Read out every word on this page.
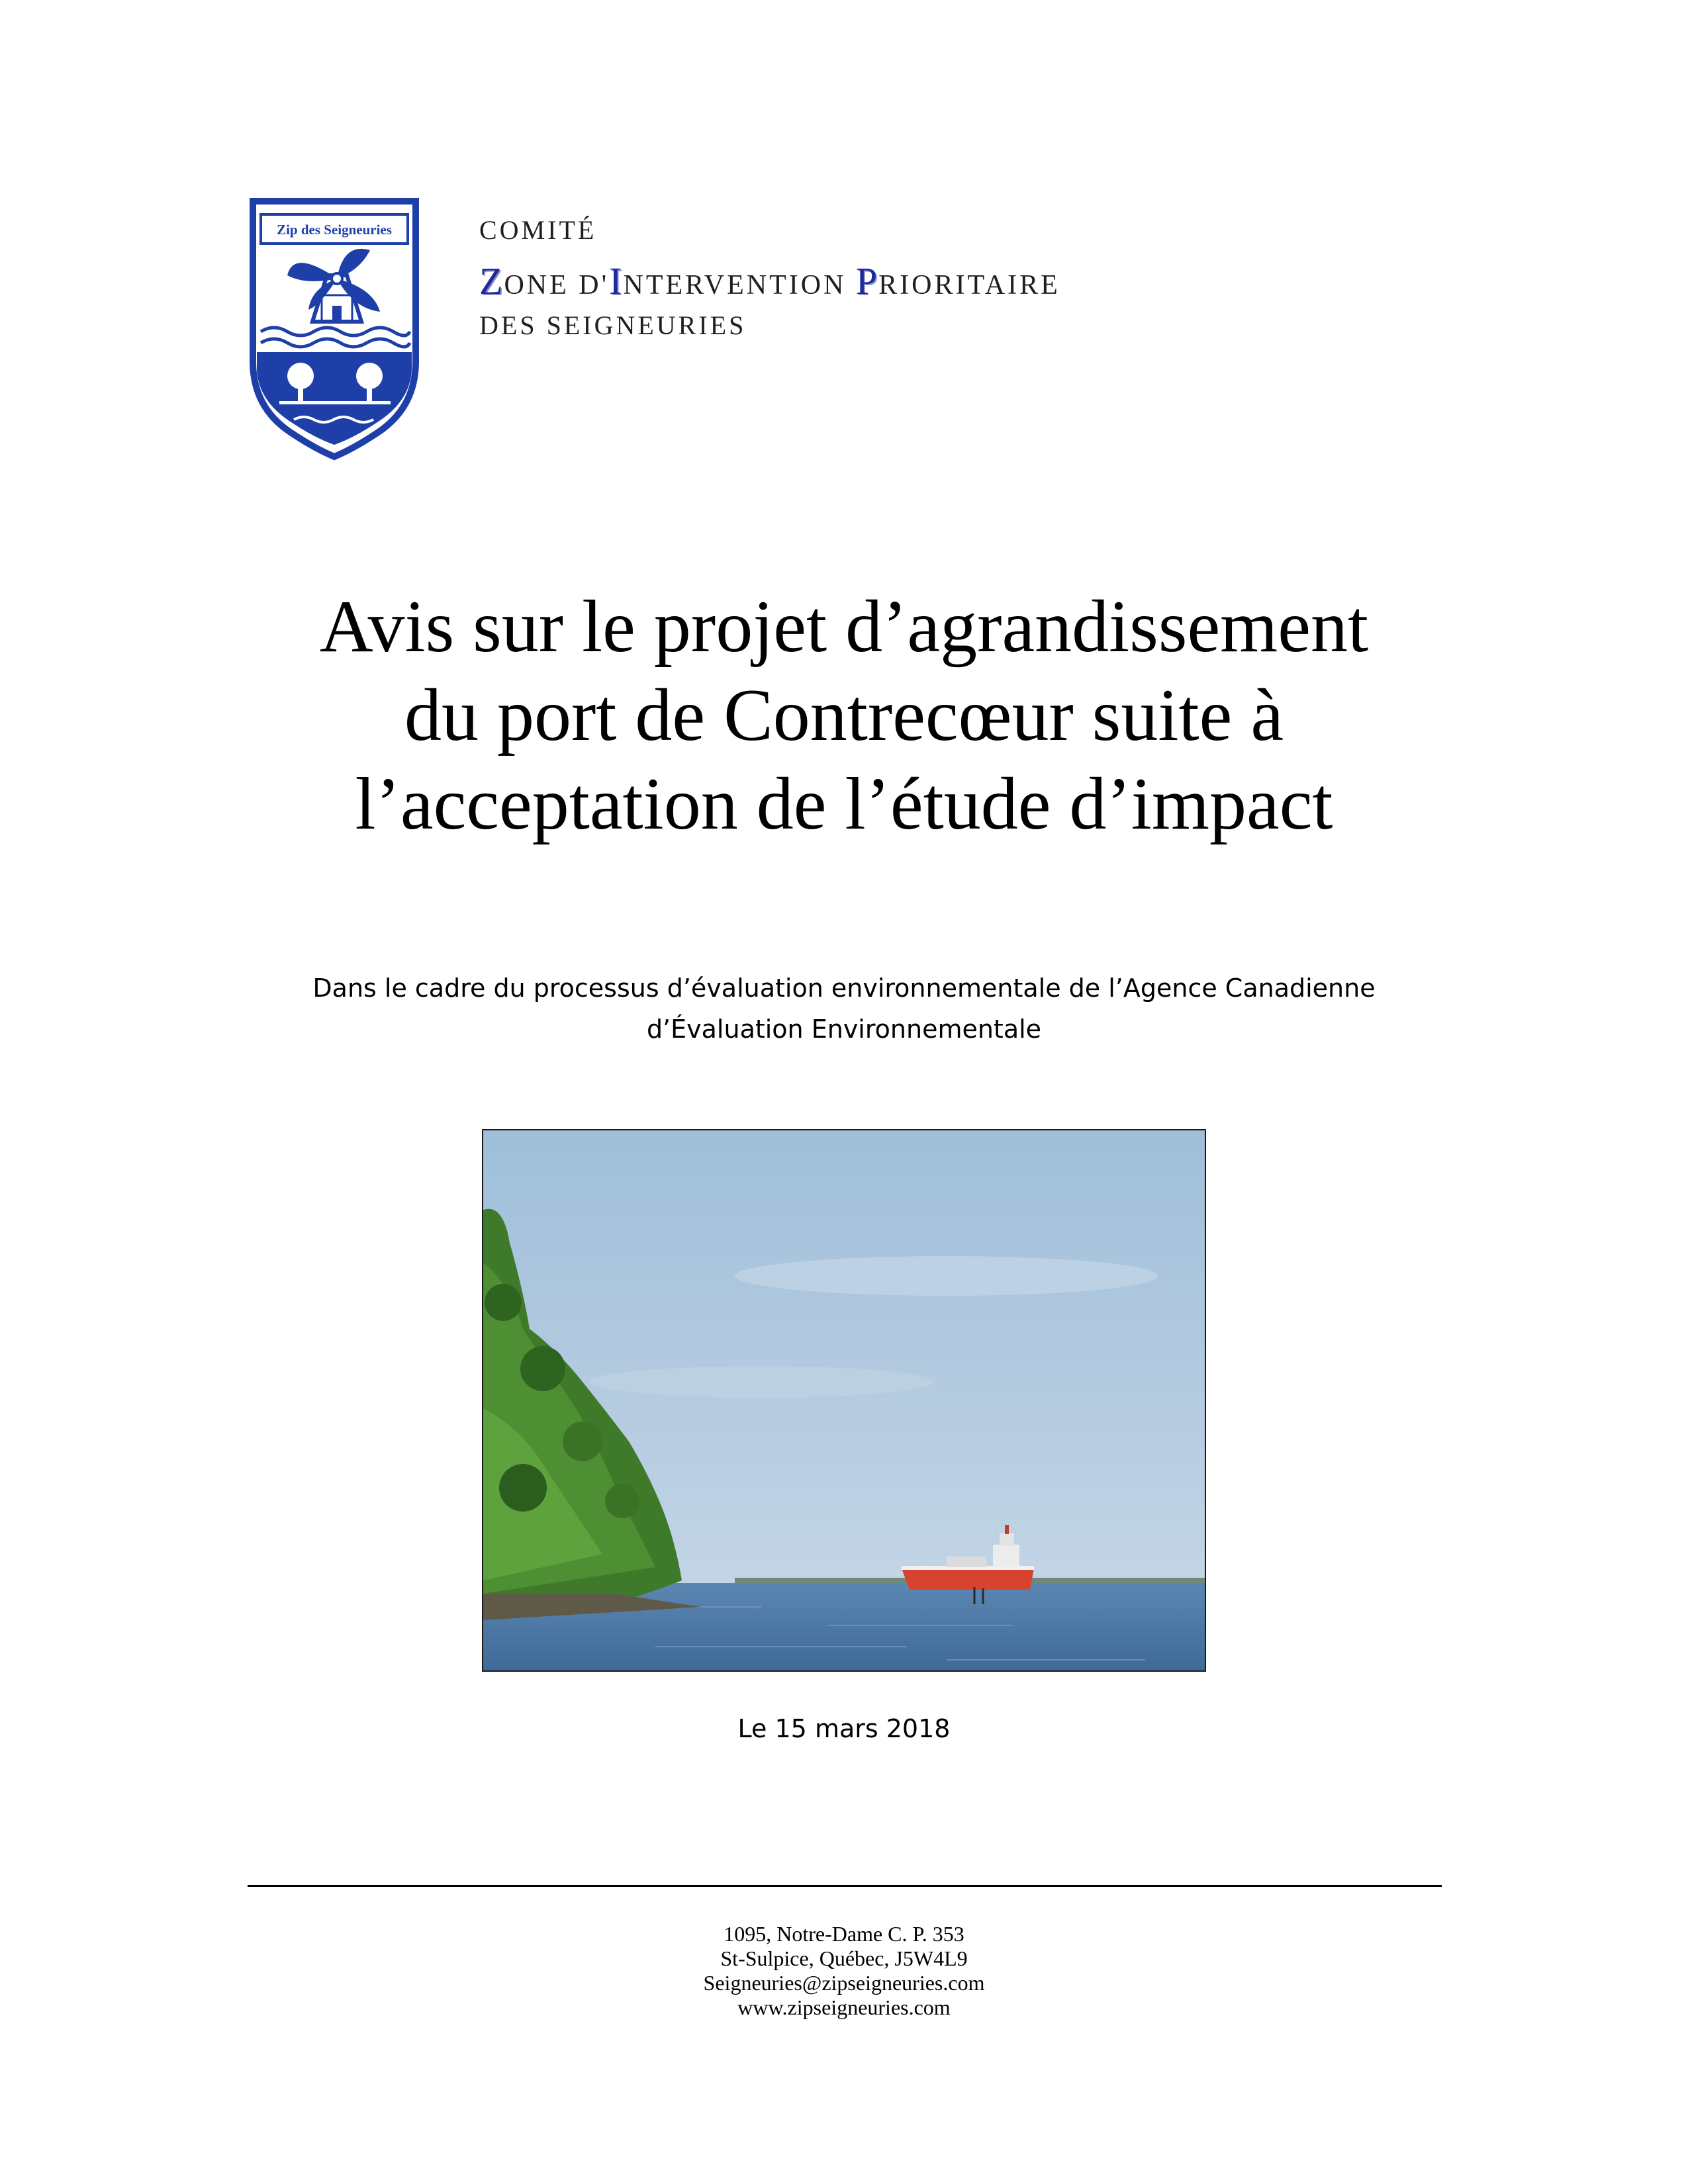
Zip des Seigneuries	COMITÉ
ZONE D'INTERVENTION PRIORITAIRE
DES SEIGNEURIES
Avis sur le projet d’agrandissement
du port de Contrecœur suite à
l’acceptation de l’étude d’impact
Dans le cadre du processus d’évaluation environnementale de l’Agence Canadienne
d’Évaluation Environnementale
Le 15 mars 2018
1095, Notre-Dame C. P. 353
St-Sulpice, Québec, J5W4L9
Seigneuries@zipseigneuries.com
www.zipseigneuries.com
